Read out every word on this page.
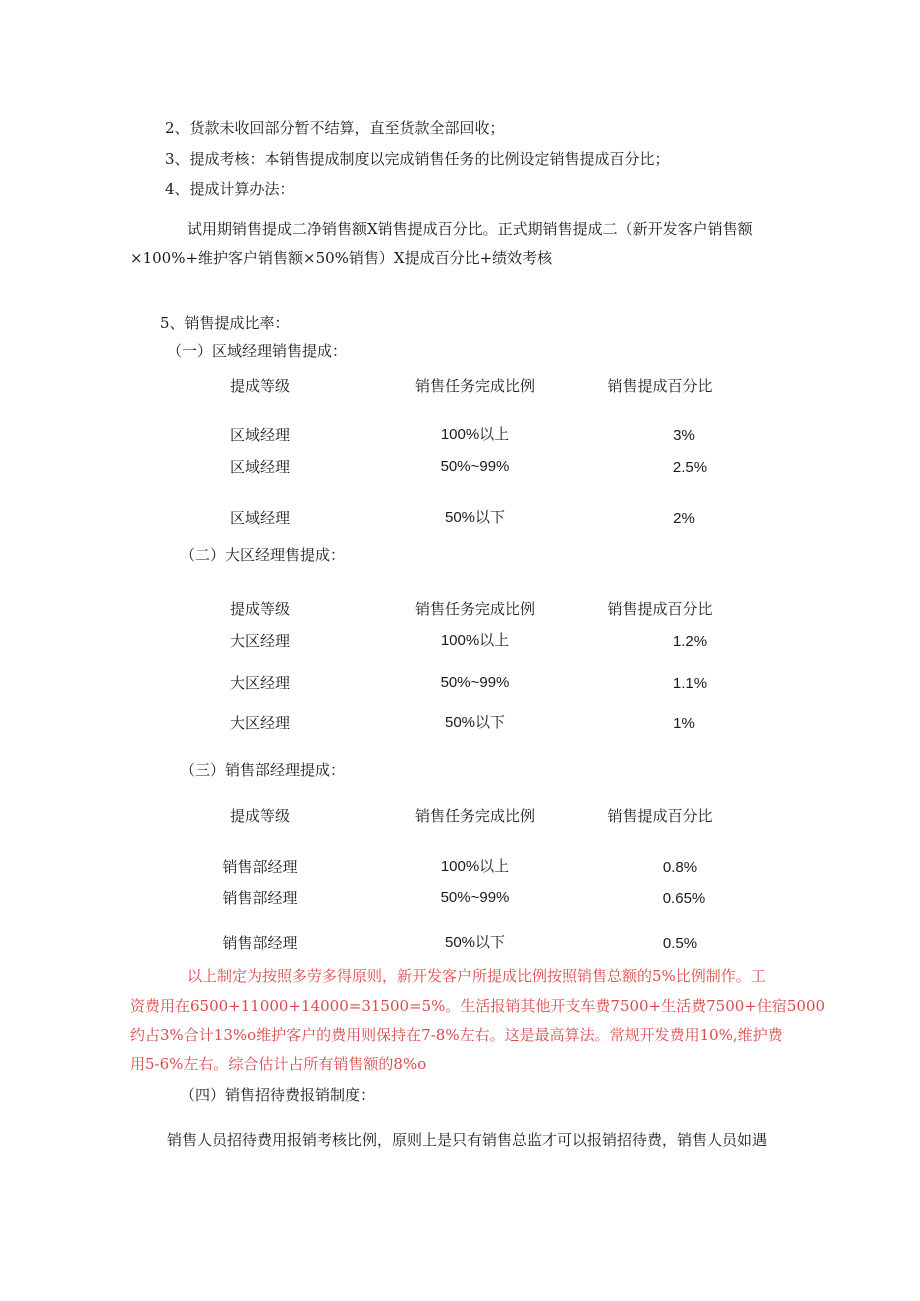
2、货款未收回部分暂不结算，直至货款全部回收；
3、提成考核：本销售提成制度以完成销售任务的比例设定销售提成百分比；
4、提成计算办法：
试用期销售提成二净销售额X销售提成百分比。正式期销售提成二（新开发客户销售额
×100%+维护客户销售额×50%销售）X提成百分比+绩效考核
5、销售提成比率：
（一）区域经理销售提成：
提成等级	销售任务完成比例	销售提成百分比
区域经理	100%以上	3%
区域经理	50%~99%	2.5%
区域经理	50%以下	2%
（二）大区经理售提成：
提成等级	销售任务完成比例	销售提成百分比
大区经理	100%以上	1.2%
大区经理	50%~99%	1.1%
大区经理	50%以下	1%
（三）销售部经理提成：
提成等级	销售任务完成比例	销售提成百分比
销售部经理	100%以上	0.8%
销售部经理	50%~99%	0.65%
销售部经理	50%以下	0.5%
以上制定为按照多劳多得原则，新开发客户所提成比例按照销售总额的5%比例制作。工
资费用在6500+11000+14000=31500=5%。生活报销其他开支车费7500+生活费7500+住宿5000
约占3%合计13%o维护客户的费用则保持在7-8%左右。这是最高算法。常规开发费用10%,维护费
用5-6%左右。综合估计占所有销售额的8%o
（四）销售招待费报销制度：
销售人员招待费用报销考核比例，原则上是只有销售总监才可以报销招待费，销售人员如遇
